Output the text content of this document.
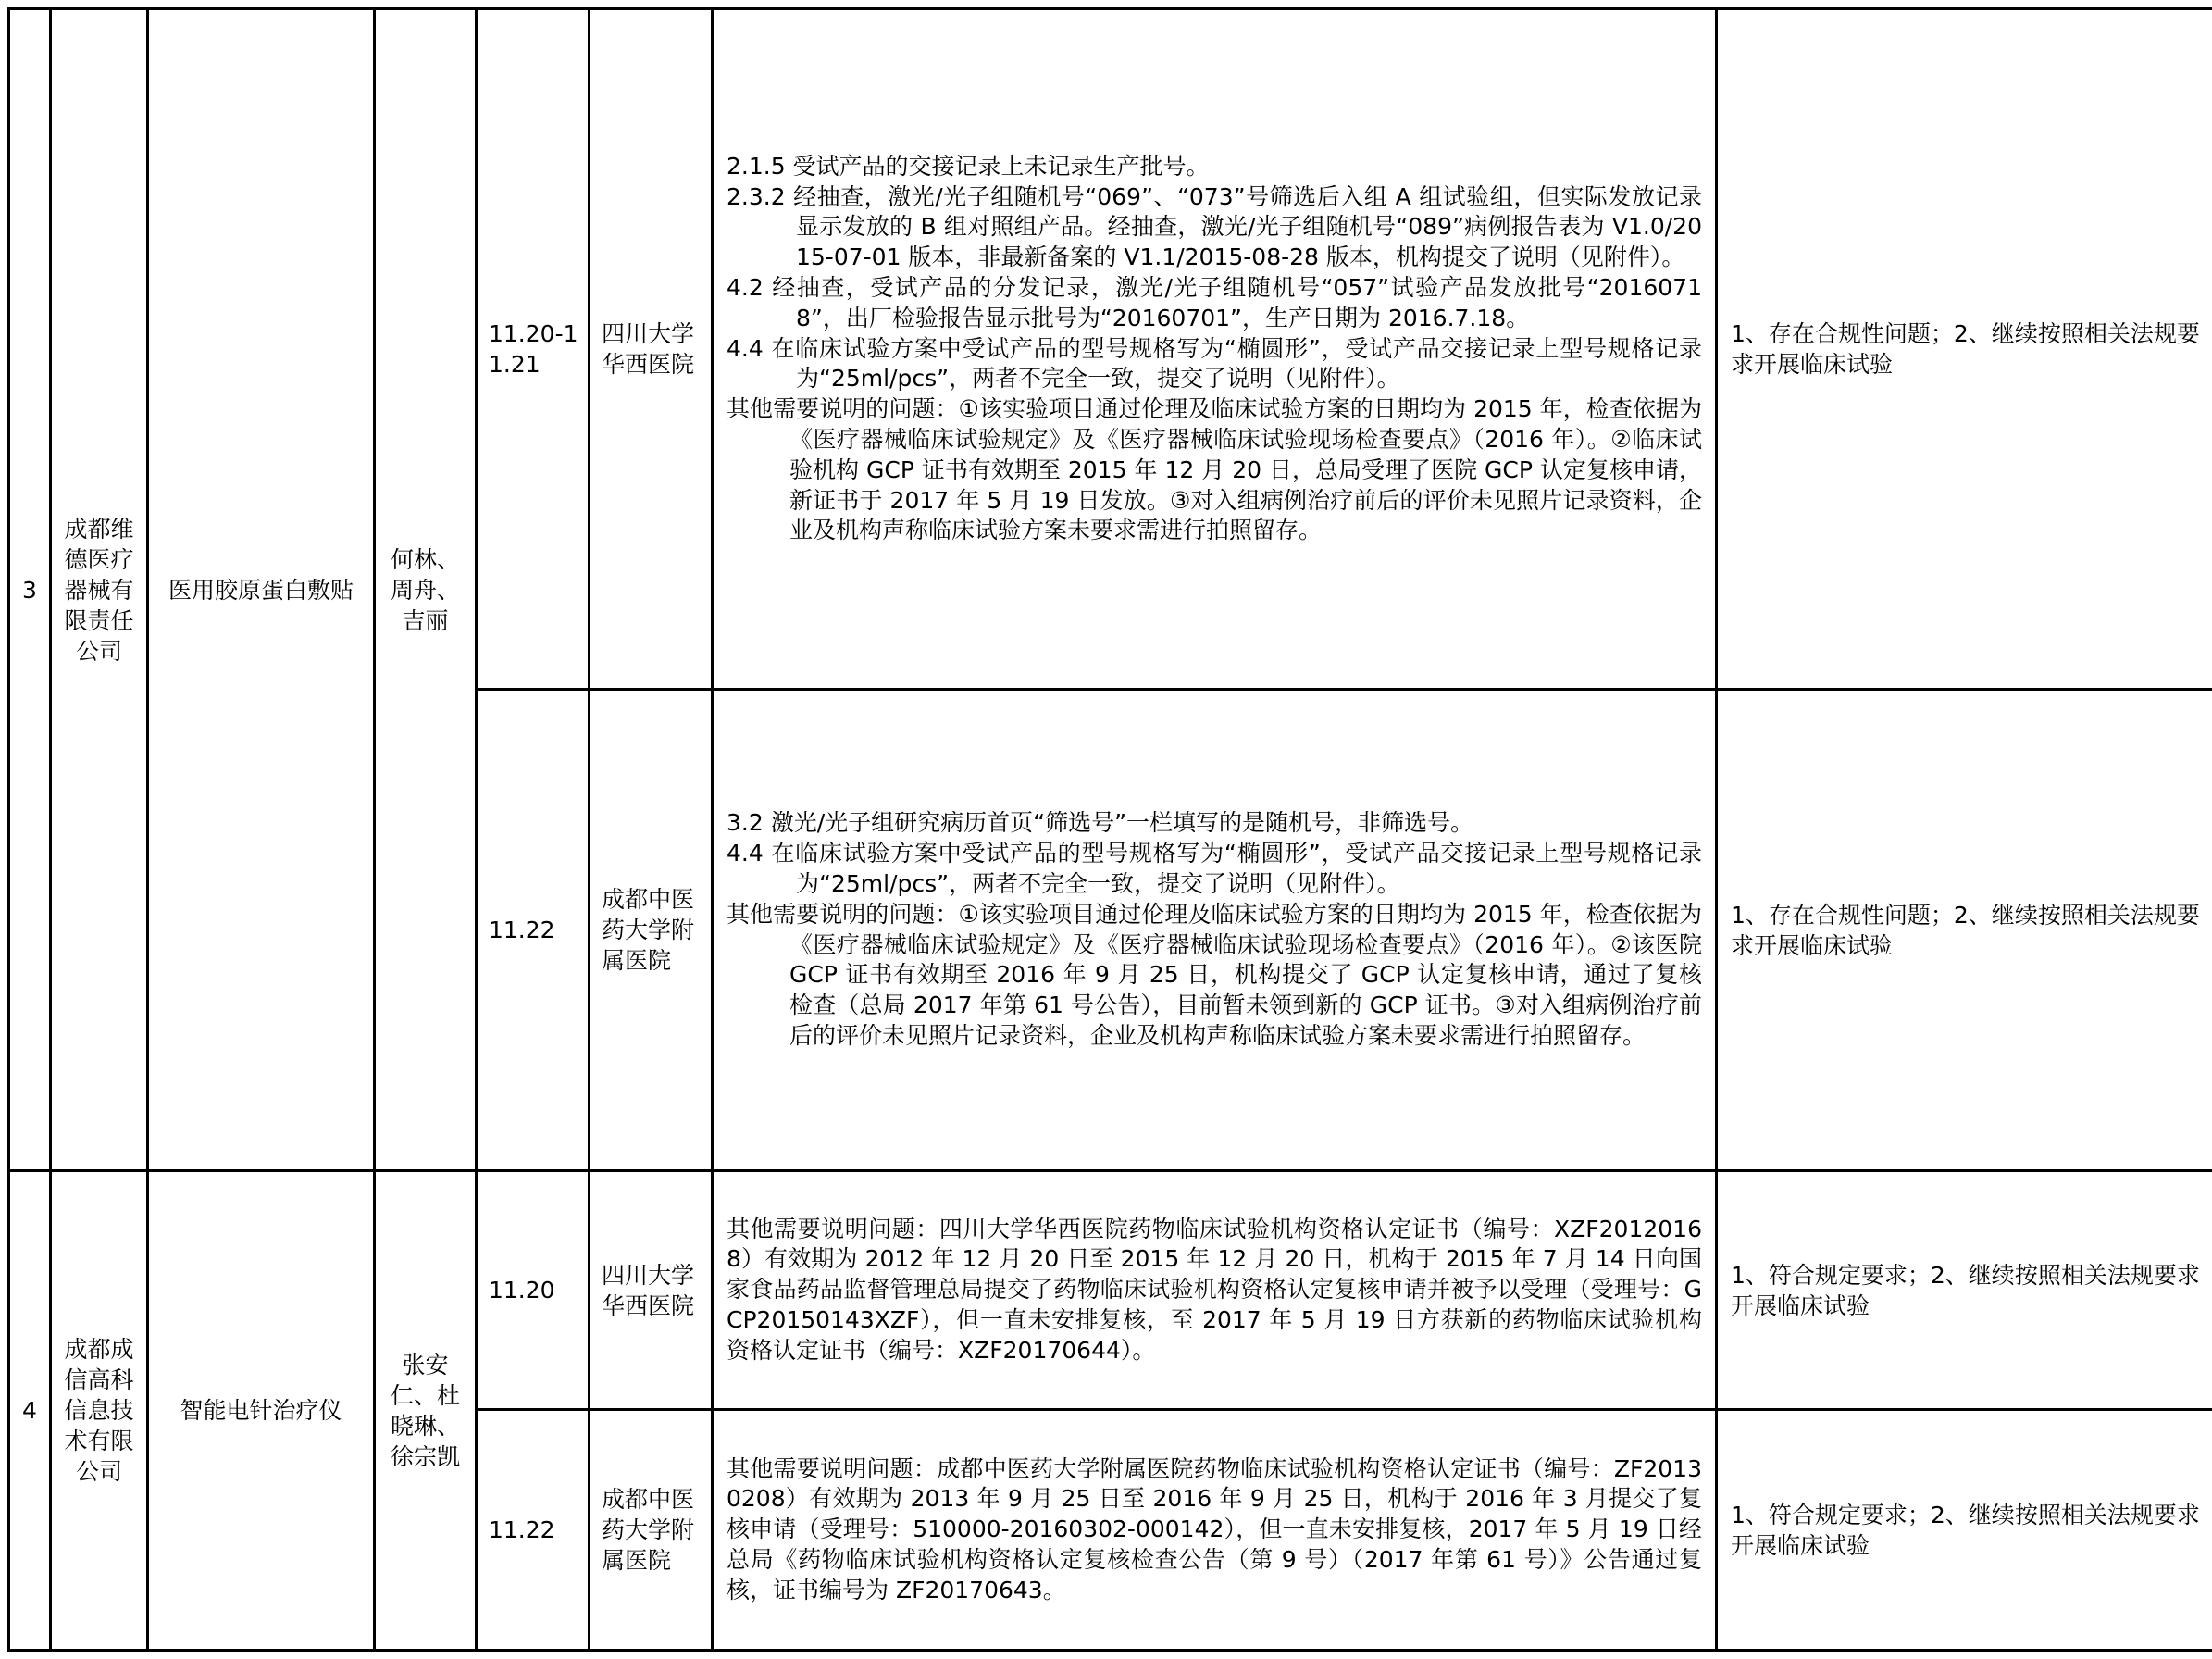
3	成都维德医疗器械有限责任公司	医用胶原蛋白敷贴	何林、周舟、吉丽	11.20-11.21	四川大学华西医院	2.1.5 受试产品的交接记录上未记录生产批号。

2.3.2 经抽查，激光/光子组随机号“069”、“073”号筛选后入组 A 组试验组，但实际发放记录显示发放的 B 组对照组产品。经抽查，激光/光子组随机号“089”病例报告表为 V1.0/2015-07-01 版本，非最新备案的 V1.1/2015-08-28 版本，机构提交了说明（见附件）。

4.2 经抽查，受试产品的分发记录，激光/光子组随机号“057”试验产品发放批号“20160718”，出厂检验报告显示批号为“20160701”，生产日期为 2016.7.18。

4.4 在临床试验方案中受试产品的型号规格写为“椭圆形”，受试产品交接记录上型号规格记录为“25ml/pcs”，两者不完全一致，提交了说明（见附件）。

其他需要说明的问题：①该实验项目通过伦理及临床试验方案的日期均为 2015 年，检查依据为《医疗器械临床试验规定》及《医疗器械临床试验现场检查要点》（2016 年）。②临床试验机构 GCP 证书有效期至 2015 年 12 月 20 日，总局受理了医院 GCP 认定复核申请，新证书于 2017 年 5 月 19 日发放。③对入组病例治疗前后的评价未见照片记录资料，企业及机构声称临床试验方案未要求需进行拍照留存。	1、存在合规性问题；2、继续按照相关法规要求开展临床试验
				11.22	成都中医药大学附属医院	3.2 激光/光子组研究病历首页“筛选号”一栏填写的是随机号，非筛选号。

4.4 在临床试验方案中受试产品的型号规格写为“椭圆形”，受试产品交接记录上型号规格记录为“25ml/pcs”，两者不完全一致，提交了说明（见附件）。

其他需要说明的问题：①该实验项目通过伦理及临床试验方案的日期均为 2015 年，检查依据为《医疗器械临床试验规定》及《医疗器械临床试验现场检查要点》（2016 年）。②该医院 GCP 证书有效期至 2016 年 9 月 25 日，机构提交了 GCP 认定复核申请，通过了复核检查（总局 2017 年第 61 号公告），目前暂未领到新的 GCP 证书。③对入组病例治疗前后的评价未见照片记录资料，企业及机构声称临床试验方案未要求需进行拍照留存。	1、存在合规性问题；2、继续按照相关法规要求开展临床试验
4	成都成信高科信息技术有限公司	智能电针治疗仪	张安仁、杜晓琳、徐宗凯	11.20	四川大学华西医院	其他需要说明问题：四川大学华西医院药物临床试验机构资格认定证书（编号：XZF20120168）有效期为 2012 年 12 月 20 日至 2015 年 12 月 20 日，机构于 2015 年 7 月 14 日向国家食品药品监督管理总局提交了药物临床试验机构资格认定复核申请并被予以受理（受理号：GCP20150143XZF），但一直未安排复核，至 2017 年 5 月 19 日方获新的药物临床试验机构资格认定证书（编号：XZF20170644）。	1、符合规定要求；2、继续按照相关法规要求开展临床试验
				11.22	成都中医药大学附属医院	其他需要说明问题：成都中医药大学附属医院药物临床试验机构资格认定证书（编号：ZF20130208）有效期为 2013 年 9 月 25 日至 2016 年 9 月 25 日，机构于 2016 年 3 月提交了复核申请（受理号：510000-20160302-000142），但一直未安排复核，2017 年 5 月 19 日经总局《药物临床试验机构资格认定复核检查公告（第 9 号）（2017 年第 61 号）》公告通过复核，证书编号为 ZF20170643。	1、符合规定要求；2、继续按照相关法规要求开展临床试验
